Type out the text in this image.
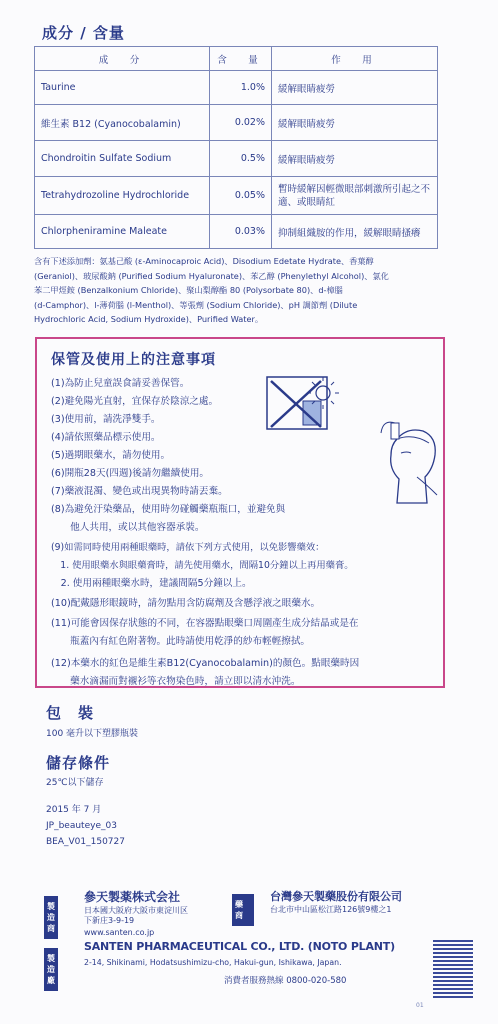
成分 / 含量
成　分	含　量	作　用
Taurine	1.0%	緩解眼睛疲勞
維生素 B12 (Cyanocobalamin)	0.02%	緩解眼睛疲勞
Chondroitin Sulfate Sodium	0.5%	緩解眼睛疲勞
Tetrahydrozoline Hydrochloride	0.05%	暫時緩解因輕微眼部刺激所引起之不適、或眼睛紅
Chlorpheniramine Maleate	0.03%	抑制組織胺的作用，緩解眼睛搔癢
含有下述添加劑：氨基己酸 (ε-Aminocaproic Acid)、Disodium Edetate Hydrate、香葉醇
(Geraniol)、玻尿酸鈉 (Purified Sodium Hyaluronate)、苯乙醇 (Phenylethyl Alcohol)、氯化
苯二甲烴銨 (Benzalkonium Chloride)、聚山梨醇酯 80 (Polysorbate 80)、d-樟腦
(d-Camphor)、l-薄荷腦 (l-Menthol)、等張劑 (Sodium Chloride)、pH 調節劑 (Dilute
Hydrochloric Acid, Sodium Hydroxide)、Purified Water。
保管及使用上的注意事項
(1)為防止兒童誤食請妥善保管。
(2)避免陽光直射，宜保存於陰涼之處。
(3)使用前，請洗淨雙手。
(4)請依照藥品標示使用。
(5)過期眼藥水，請勿使用。
(6)開瓶28天(四週)後請勿繼續使用。
(7)藥液混濁、變色或出現異物時請丟棄。
(8)為避免汙染藥品，使用時勿碰觸藥瓶瓶口，並避免與
　　他人共用，或以其他容器承裝。
(9)如需同時使用兩種眼藥時，請依下列方式使用，以免影響藥效：
　1. 使用眼藥水與眼藥膏時，請先使用藥水，間隔10分鐘以上再用藥膏。
　2. 使用兩種眼藥水時，建議間隔5分鐘以上。
(10)配戴隱形眼鏡時，請勿點用含防腐劑及含懸浮液之眼藥水。
(11)可能會因保存狀態的不同，在容器點眼藥口周圍產生成分結晶或是在
　　瓶蓋內有紅色附著物。此時請使用乾淨的紗布輕輕擦拭。
(12)本藥水的紅色是維生素B12(Cyanocobalamin)的顏色。點眼藥時因
　　藥水滴漏而對襯衫等衣物染色時，請立即以清水沖洗。
包　裝
100 毫升以下塑膠瓶裝
儲存條件
25℃以下儲存
2015 年 7 月
JP_beauteye_03
BEA_V01_150727
製造商
參天製薬株式会社
日本國大阪府大阪市東淀川区
下新庄3-9-19
www.santen.co.jp
藥　商
台灣參天製藥股份有限公司
台北市中山區松江路126號9樓之1
製造廠
SANTEN PHARMACEUTICAL CO., LTD. (NOTO PLANT)
2-14, Shikinami, Hodatsushimizu-cho, Hakui-gun, Ishikawa, Japan.
消費者服務熱線 0800-020-580
01
